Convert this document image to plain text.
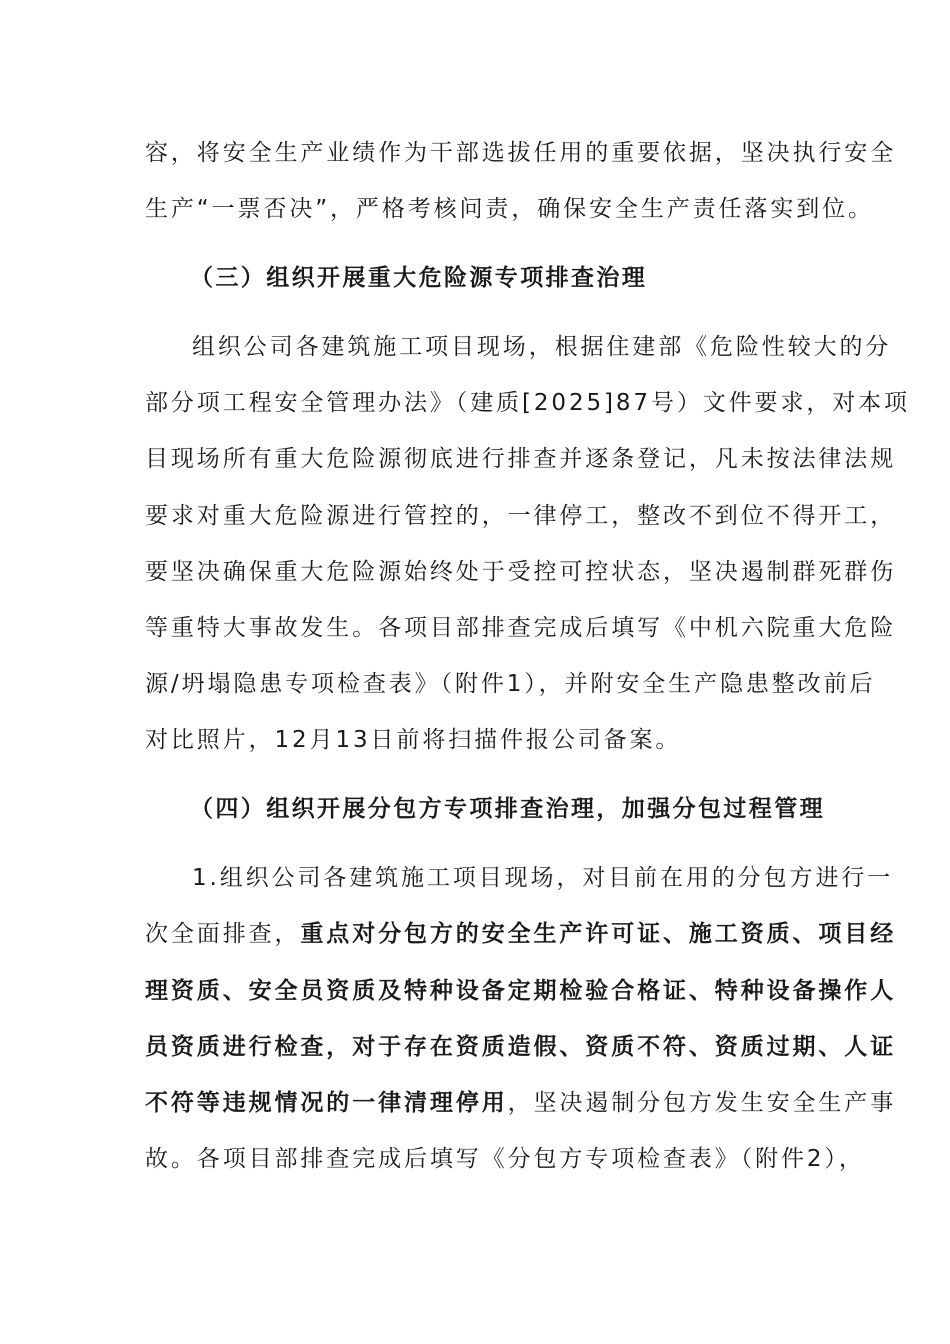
容，将安全生产业绩作为干部选拔任用的重要依据，坚决执行安全
生产“一票否决”，严格考核问责，确保安全生产责任落实到位。
（三）组织开展重大危险源专项排查治理
组织公司各建筑施工项目现场，根据住建部《危险性较大的分
部分项工程安全管理办法》（建质[2025]87号）文件要求，对本项
目现场所有重大危险源彻底进行排查并逐条登记，凡未按法律法规
要求对重大危险源进行管控的，一律停工，整改不到位不得开工，
要坚决确保重大危险源始终处于受控可控状态，坚决遏制群死群伤
等重特大事故发生。各项目部排查完成后填写《中机六院重大危险
源/坍塌隐患专项检查表》（附件1），并附安全生产隐患整改前后
对比照片，12月13日前将扫描件报公司备案。
（四）组织开展分包方专项排查治理，加强分包过程管理
1.组织公司各建筑施工项目现场，对目前在用的分包方进行一
次全面排查，重点对分包方的安全生产许可证、施工资质、项目经
理资质、安全员资质及特种设备定期检验合格证、特种设备操作人
员资质进行检查，对于存在资质造假、资质不符、资质过期、人证
不符等违规情况的一律清理停用，坚决遏制分包方发生安全生产事
故。各项目部排查完成后填写《分包方专项检查表》（附件2），
